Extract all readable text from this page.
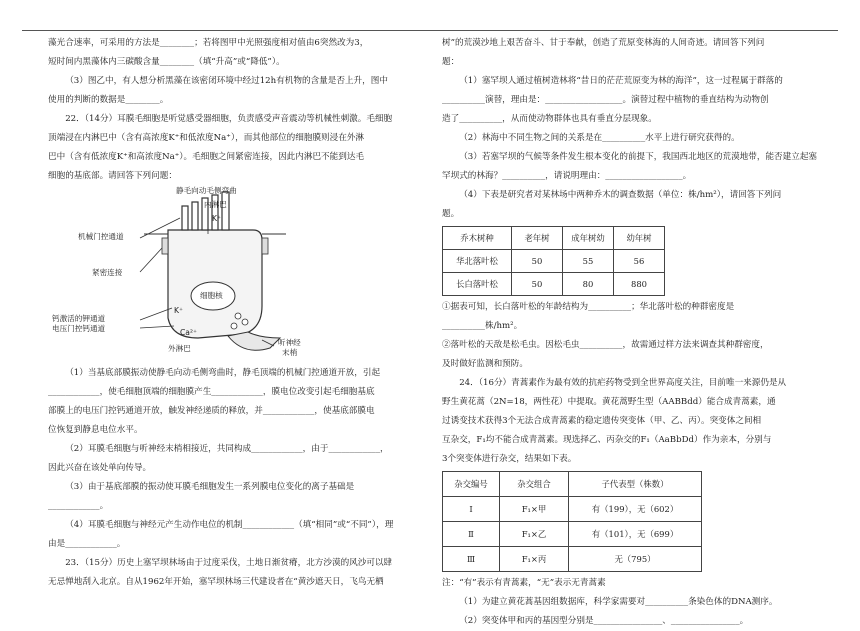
藻光合速率，可采用的方法是________；若将图甲中光照强度相对值由6突然改为3，

短时间内黑藻体内三碳酸含量________（填“升高”或“降低”）。

（3）图乙中，有人想分析黑藻在该密闭环境中经过12h有机物的含量是否上升，图中

使用的判断的数据是________。

22．（14分）耳膜毛细胞是听觉感受器细胞，负责感受声音震动等机械性刺激。毛细胞

顶端浸在内淋巴中（含有高浓度K⁺和低浓度Na⁺），而其他部位的细胞膜则浸在外淋

巴中（含有低浓度K⁺和高浓度Na⁺）。毛细胞之间紧密连接，因此内淋巴不能到达毛

细胞的基底部。请回答下列问题：

静毛向动毛侧弯曲
内淋巴
K⁺
机械门控通道
紧密连接
细胞核
K⁺
钙激活的钾通道
电压门控钙通道
外淋巴
Ca²⁺
听神经
末梢

（1）当基底部膜振动使静毛向动毛侧弯曲时，静毛顶端的机械门控通道开放，引起

____________，使毛细胞顶端的细胞膜产生____________，膜电位改变引起毛细胞基底

部膜上的电压门控钙通道开放，触发神经递质的释放，并____________，使基底部膜电

位恢复到静息电位水平。

（2）耳膜毛细胞与听神经末梢相接近，共同构成____________，由于____________，

因此兴奋在该处单向传导。

（3）由于基底部膜的振动使耳膜毛细胞发生一系列膜电位变化的离子基础是

____________。

（4）耳膜毛细胞与神经元产生动作电位的机制____________（填“相同”或“不同”），理

由是____________。

23．（15分）历史上塞罕坝林场由于过度采伐，土地日渐贫瘠，北方沙漠的风沙可以肆

无忌惮地刮入北京。自从1962年开始，塞罕坝林场三代建设者在“黄沙遮天日，飞鸟无栖

树”的荒漠沙地上艰苦奋斗、甘于奉献，创造了荒原变林海的人间奇迹。请回答下列问

题：

（1）塞罕坝人通过植树造林将“昔日的茫茫荒原变为林的海洋”，这一过程属于群落的

__________演替，理由是：__________________。演替过程中植物的垂直结构为动物创

造了__________，从而使动物群体也具有垂直分层现象。

（2）林海中不同生物之间的关系是在__________水平上进行研究获得的。

（3）若塞罕坝的气候等条件发生根本变化的前提下，我国西北地区的荒漠地带，能否建立起塞

罕坝式的林海？__________，请说明理由：__________________。

（4）下表是研究者对某林场中两种乔木的调查数据（单位：株/hm²），请回答下列问

题。

乔木树种	老年树	成年树幼	幼年树
华北落叶松	50	55	56
长白落叶松	50	80	880

①据表可知，长白落叶松的年龄结构为__________；华北落叶松的种群密度是

__________株/hm²。

②落叶松的天敌是松毛虫。因松毛虫__________，故需通过样方法来调查其种群密度，

及时做好监测和预防。

24．（16分）青蒿素作为最有效的抗疟药物受到全世界高度关注，目前唯一来源仍是从

野生黄花蒿（2N=18，两性花）中提取。黄花蒿野生型（AABBdd）能合成青蒿素，通

过诱变技术获得3个无法合成青蒿素的稳定遗传突变体（甲、乙、丙）。突变体之间相

互杂交，F₁均不能合成青蒿素。现选择乙、丙杂交的F₁（AaBbDd）作为亲本，分别与

3个突变体进行杂交，结果如下表。

杂交编号	杂交组合	子代表型（株数）
Ⅰ	F₁×甲	有（199），无（602）
Ⅱ	F₁×乙	有（101），无（699）
Ⅲ	F₁×丙	无（795）

注：“有”表示有青蒿素，“无”表示无青蒿素

（1）为建立黄花蒿基因组数据库，科学家需要对__________条染色体的DNA测序。

（2）突变体甲和丙的基因型分别是________________、________________。
